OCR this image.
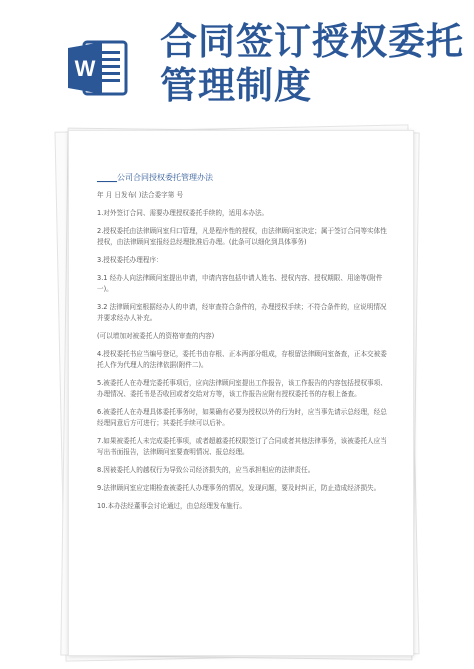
W
合同签订授权委托
管理制度
_____公司合同授权委托管理办法
年 月 日发布( )法合委字第 号
1.对外签订合同、需要办理授权委托手续的，适用本办法。
2.授权委托由法律顾问室归口管理，凡是程序性的授权，由法律顾问室决定；属于签订合同等实体性授权，由法律顾问室报经总经理批准后办理。(此条可以细化到具体事务)
3.授权委托办理程序：
3.1 经办人向法律顾问室提出申请，申请内容包括申请人姓名、授权内容、授权期限、用途等(附件一)。
3.2 法律顾问室根据经办人的申请，经审查符合条件的，办理授权手续；不符合条件的，应说明情况并要求经办人补充。
(可以增加对被委托人的资格审查的内容)
4.授权委托书应当编号登记，委托书由存根、正本两部分组成，存根留法律顾问室备查，正本交被委托人作为代理人的法律依据(附件二)。
5.被委托人在办理完委托事项后，应向法律顾问室提出工作报告，该工作报告的内容包括授权事项、办理情况、委托书是否收回或者交给对方等，该工作报告应附有授权委托书的存根上备查。
6.被委托人在办理具体委托事务时，如果确有必要为授权以外的行为时，应当事先请示总经理，经总经理同意后方可进行；其委托手续可以后补。
7.如果被委托人未完成委托事项，或者超越委托权限签订了合同或者其他法律事务，该被委托人应当写出书面报告，法律顾问室要查明情况、报总经理。
8.因被委托人的越权行为导致公司经济损失的，应当承担相应的法律责任。
9.法律顾问室应定期检查被委托人办理事务的情况，发现问题，要及时纠正，防止造成经济损失。
10.本办法经董事会讨论通过，由总经理发布施行。
